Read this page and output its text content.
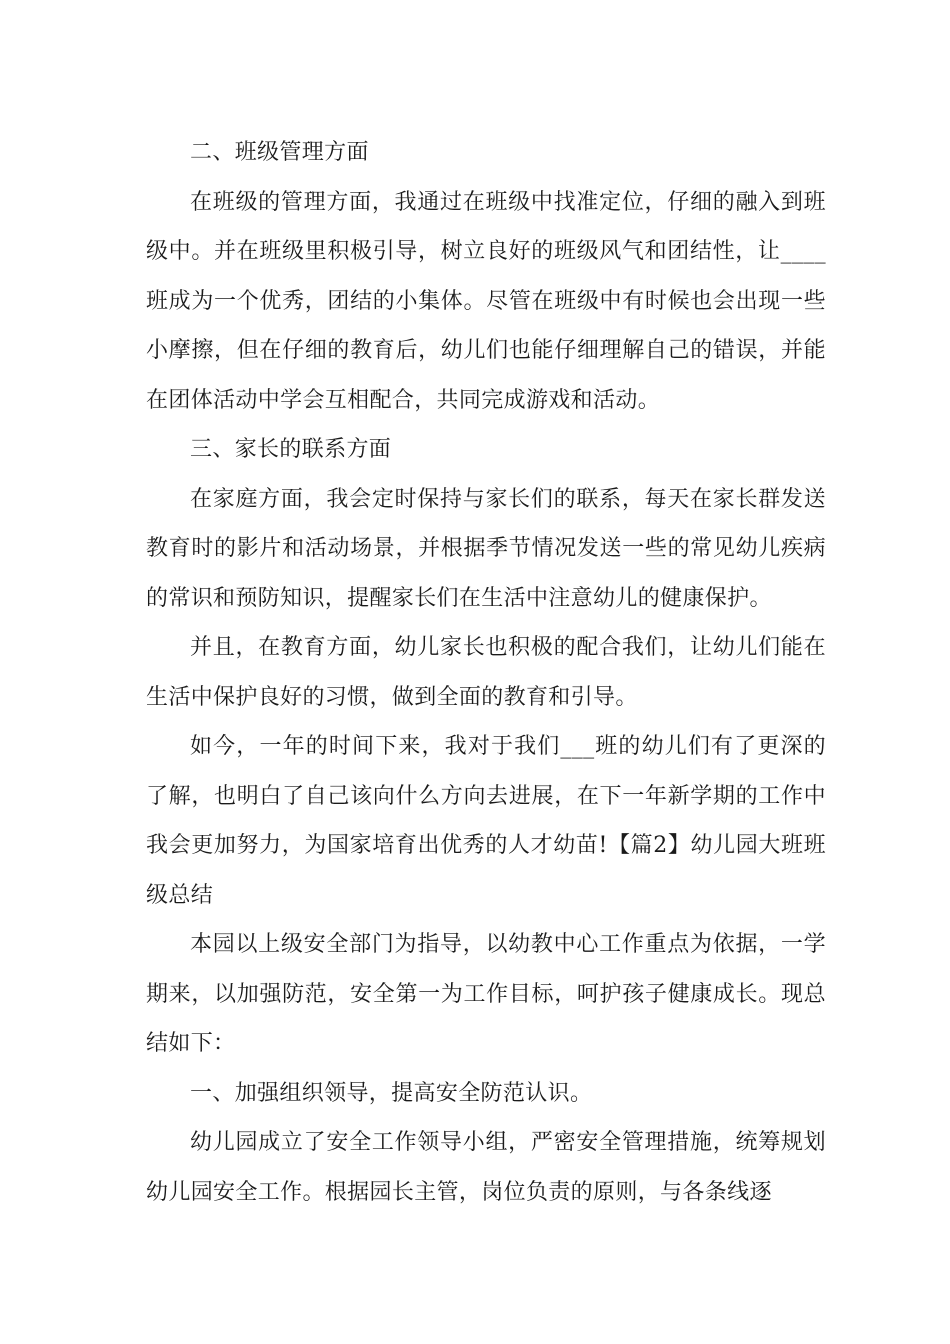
二、班级管理方面

在班级的管理方面，我通过在班级中找准定位，仔细的融入到班级中。并在班级里积极引导，树立良好的班级风气和团结性，让____班成为一个优秀，团结的小集体。尽管在班级中有时候也会出现一些小摩擦，但在仔细的教育后，幼儿们也能仔细理解自己的错误，并能在团体活动中学会互相配合，共同完成游戏和活动。

三、家长的联系方面

在家庭方面，我会定时保持与家长们的联系，每天在家长群发送教育时的影片和活动场景，并根据季节情况发送一些的常见幼儿疾病的常识和预防知识，提醒家长们在生活中注意幼儿的健康保护。

并且，在教育方面，幼儿家长也积极的配合我们，让幼儿们能在生活中保护良好的习惯，做到全面的教育和引导。

如今，一年的时间下来，我对于我们___班的幼儿们有了更深的了解，也明白了自己该向什么方向去进展，在下一年新学期的工作中我会更加努力，为国家培育出优秀的人才幼苗!【篇2】幼儿园大班班级总结

本园以上级安全部门为指导，以幼教中心工作重点为依据，一学期来，以加强防范，安全第一为工作目标，呵护孩子健康成长。现总结如下：

一、加强组织领导，提高安全防范认识。

幼儿园成立了安全工作领导小组，严密安全管理措施，统筹规划幼儿园安全工作。根据园长主管，岗位负责的原则，与各条线逐
